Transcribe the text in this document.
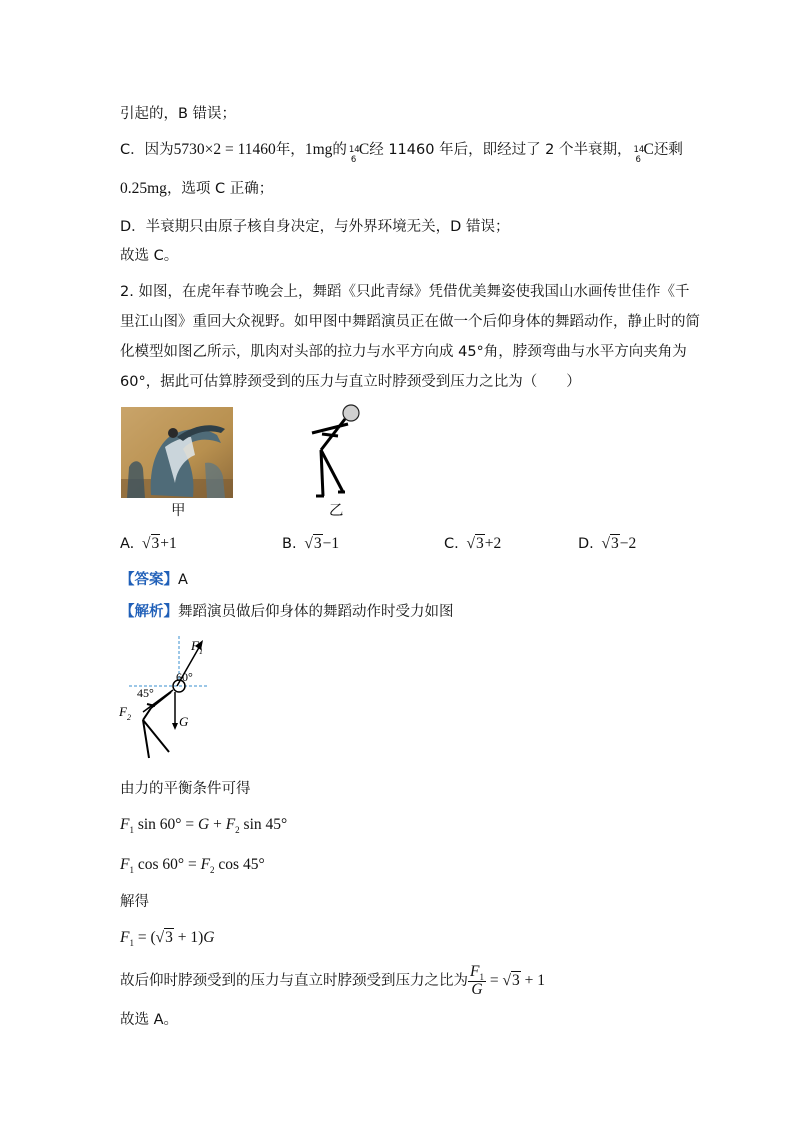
引起的，B 错误；
C．因为5730×2 = 11460年，1mg的 14
6
C经 11460 年后，即经过了 2 个半衰期， 14
6
C还剩
0.25mg，选项 C 正确；
D．半衰期只由原子核自身决定，与外界环境无关，D 错误；
故选 C。
2. 如图，在虎年春节晚会上，舞蹈《只此青绿》凭借优美舞姿使我国山水画传世佳作《千
里江山图》重回大众视野。如甲图中舞蹈演员正在做一个后仰身体的舞蹈动作，静止时的简
化模型如图乙所示，肌肉对头部的拉力与水平方向成 45°角，脖颈弯曲与水平方向夹角为
60°，据此可估算脖颈受到的压力与直立时脖颈受到压力之比为（　　）
甲	乙
A.  √3+1	B.  √3−1	C.  √3+2	D.  √3−2
【答案】A
【解析】舞蹈演员做后仰身体的舞蹈动作时受力如图
$F_1$
60°
45°
$F_2$	G
由力的平衡条件可得
$F_1$ $\sin 60^\circ = G + F_2$ sin 45°
$F_1$ $\cos 60^\circ = F_2$ cos 45°
解得
$F_1 = (√3 + 1)G$
故后仰时脖颈受到的压力与直立时脖颈受到压力之比为 $\frac{F_1}{G} = √3 + 1$
故选 A。
